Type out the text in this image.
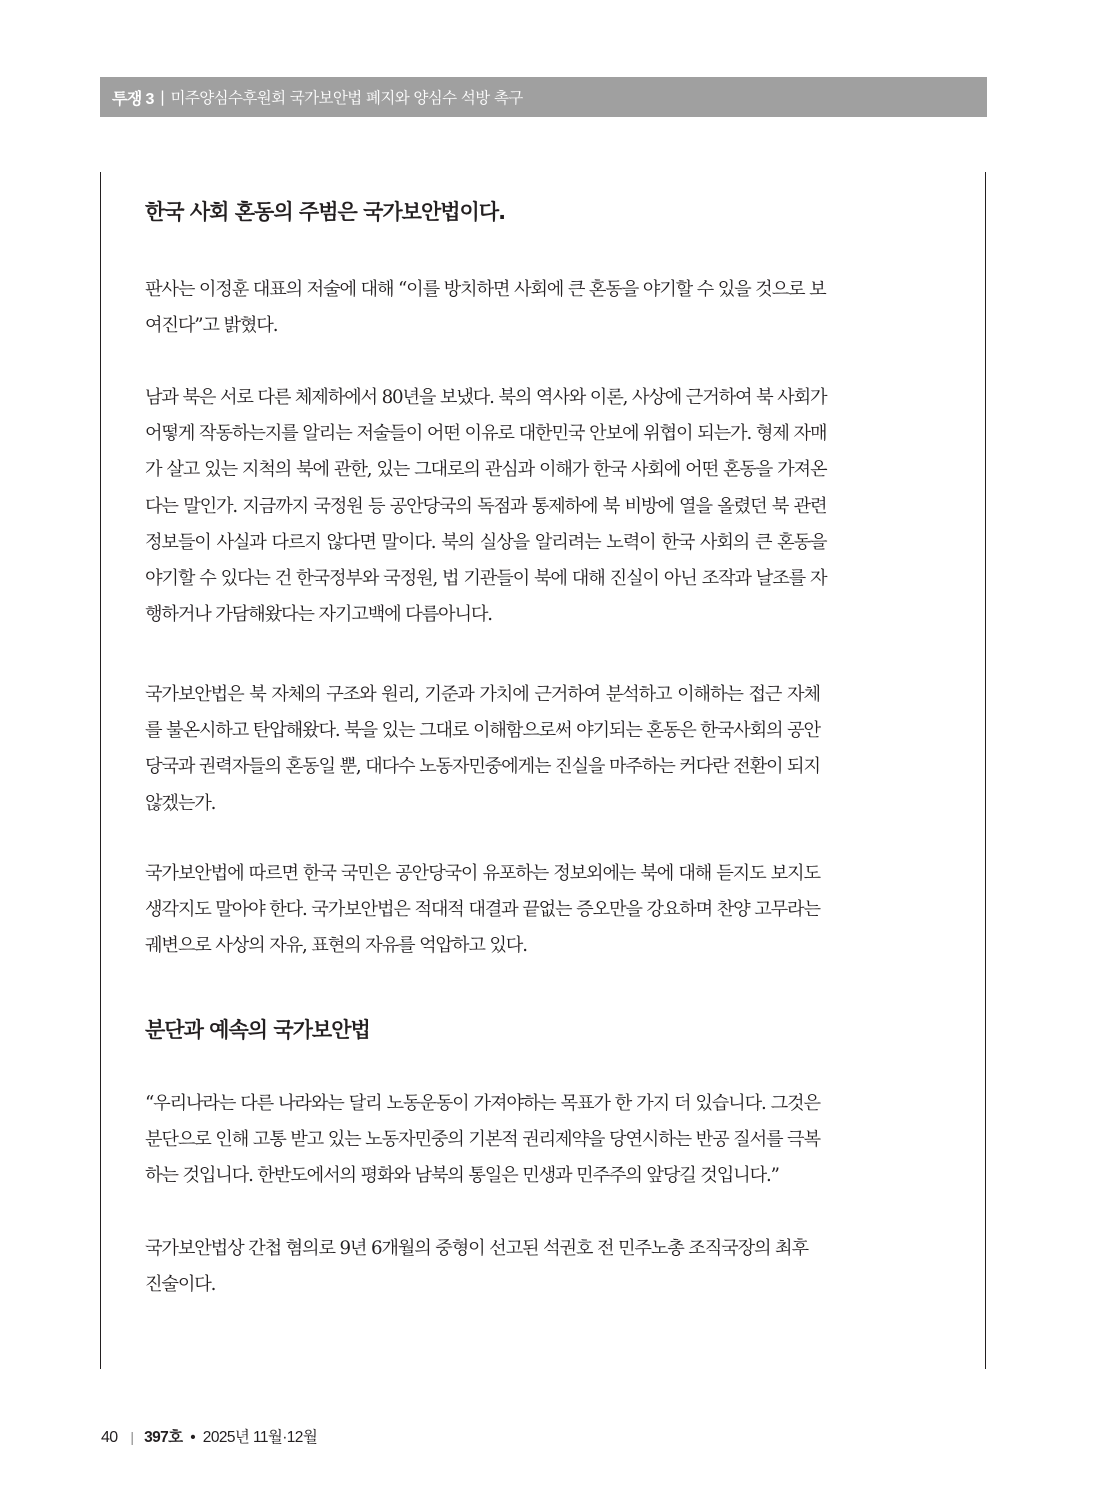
투쟁 3 | 미주양심수후원회 국가보안법 폐지와 양심수 석방 촉구
한국 사회 혼동의 주범은 국가보안법이다.

판사는 이정훈 대표의 저술에 대해 “이를 방치하면 사회에 큰 혼동을 야기할 수 있을 것으로 보
여진다”고 밝혔다.

남과 북은 서로 다른 체제하에서 80년을 보냈다. 북의 역사와 이론, 사상에 근거하여 북 사회가
어떻게 작동하는지를 알리는 저술들이 어떤 이유로 대한민국 안보에 위협이 되는가. 형제 자매
가 살고 있는 지척의 북에 관한, 있는 그대로의 관심과 이해가 한국 사회에 어떤 혼동을 가져온
다는 말인가. 지금까지 국정원 등 공안당국의 독점과 통제하에 북 비방에 열을 올렸던 북 관련
정보들이 사실과 다르지 않다면 말이다. 북의 실상을 알리려는 노력이 한국 사회의 큰 혼동을
야기할 수 있다는 건 한국정부와 국정원, 법 기관들이 북에 대해 진실이 아닌 조작과 날조를 자
행하거나 가담해왔다는 자기고백에 다름아니다.

국가보안법은 북 자체의 구조와 원리, 기준과 가치에 근거하여 분석하고 이해하는 접근 자체
를 불온시하고 탄압해왔다. 북을 있는 그대로 이해함으로써 야기되는 혼동은 한국사회의 공안
당국과 권력자들의 혼동일 뿐, 대다수 노동자민중에게는 진실을 마주하는 커다란 전환이 되지
않겠는가.

국가보안법에 따르면 한국 국민은 공안당국이 유포하는 정보외에는 북에 대해 듣지도 보지도
생각지도 말아야 한다. 국가보안법은 적대적 대결과 끝없는 증오만을 강요하며 찬양 고무라는
궤변으로 사상의 자유, 표현의 자유를 억압하고 있다.

분단과 예속의 국가보안법

“우리나라는 다른 나라와는 달리 노동운동이 가져야하는 목표가 한 가지 더 있습니다. 그것은
분단으로 인해 고통 받고 있는 노동자민중의 기본적 권리제약을 당연시하는 반공 질서를 극복
하는 것입니다. 한반도에서의 평화와 남북의 통일은 민생과 민주주의 앞당길 것입니다.”

국가보안법상 간첩 혐의로 9년 6개월의 중형이 선고된 석권호 전 민주노총 조직국장의 최후
진술이다.

40 | 397호 • 2025년 11월·12월
